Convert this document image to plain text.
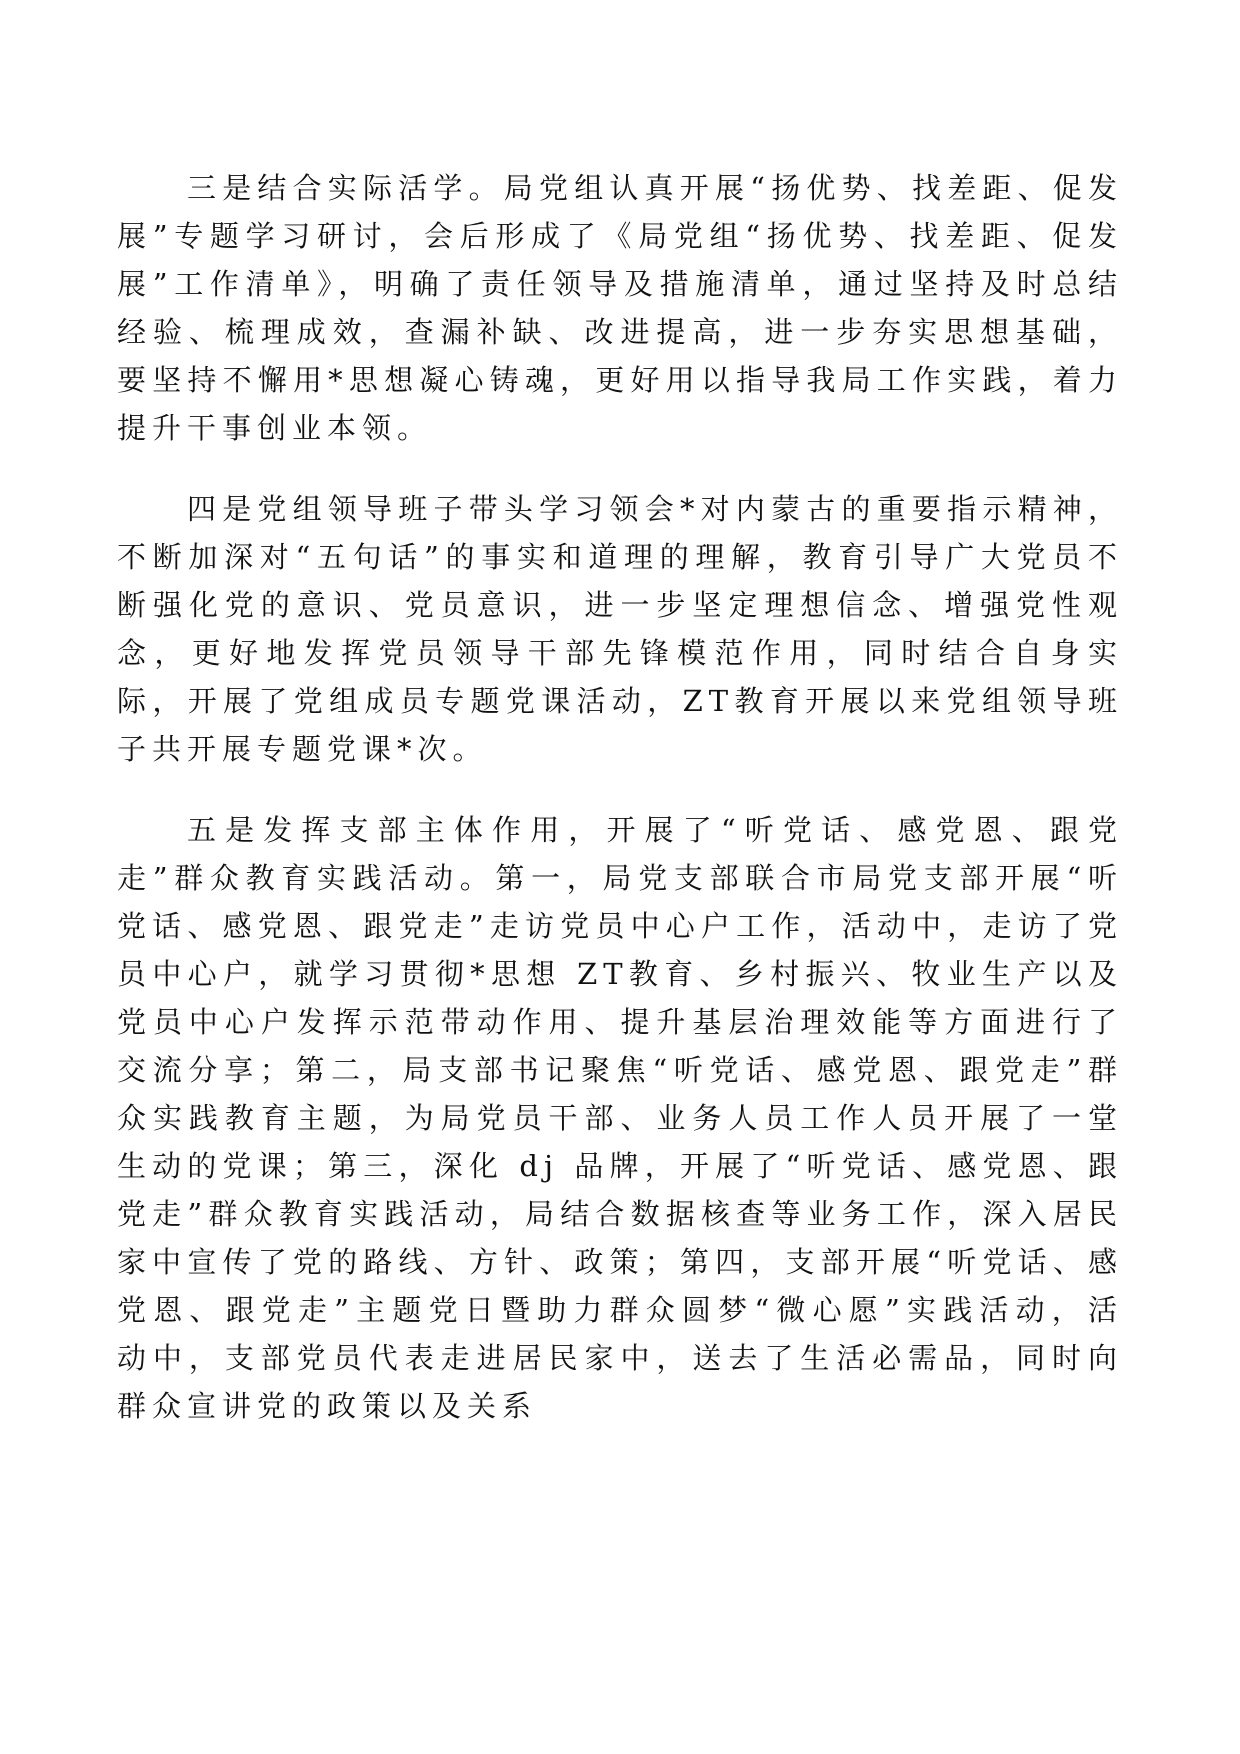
三是结合实际活学。局党组认真开展“扬优势、找差距、促发展”专题学习研讨，会后形成了《局党组“扬优势、找差距、促发展”工作清单》，明确了责任领导及措施清单，通过坚持及时总结经验、梳理成效，查漏补缺、改进提高，进一步夯实思想基础，要坚持不懈用*思想凝心铸魂，更好用以指导我局工作实践，着力提升干事创业本领。

四是党组领导班子带头学习领会*对内蒙古的重要指示精神，不断加深对“五句话”的事实和道理的理解，教育引导广大党员不断强化党的意识、党员意识，进一步坚定理想信念、增强党性观念，更好地发挥党员领导干部先锋模范作用，同时结合自身实际，开展了党组成员专题党课活动，ZT教育开展以来党组领导班子共开展专题党课*次。

五是发挥支部主体作用，开展了“听党话、感党恩、跟党走”群众教育实践活动。第一，局党支部联合市局党支部开展“听党话、感党恩、跟党走”走访党员中心户工作，活动中，走访了党员中心户，就学习贯彻*思想 ZT教育、乡村振兴、牧业生产以及党员中心户发挥示范带动作用、提升基层治理效能等方面进行了交流分享；第二，局支部书记聚焦“听党话、感党恩、跟党走”群众实践教育主题，为局党员干部、业务人员工作人员开展了一堂生动的党课；第三，深化 dj 品牌，开展了“听党话、感党恩、跟党走”群众教育实践活动，局结合数据核查等业务工作，深入居民家中宣传了党的路线、方针、政策；第四，支部开展“听党话、感党恩、跟党走”主题党日暨助力群众圆梦“微心愿”实践活动，活动中，支部党员代表走进居民家中，送去了生活必需品，同时向群众宣讲党的政策以及关系
